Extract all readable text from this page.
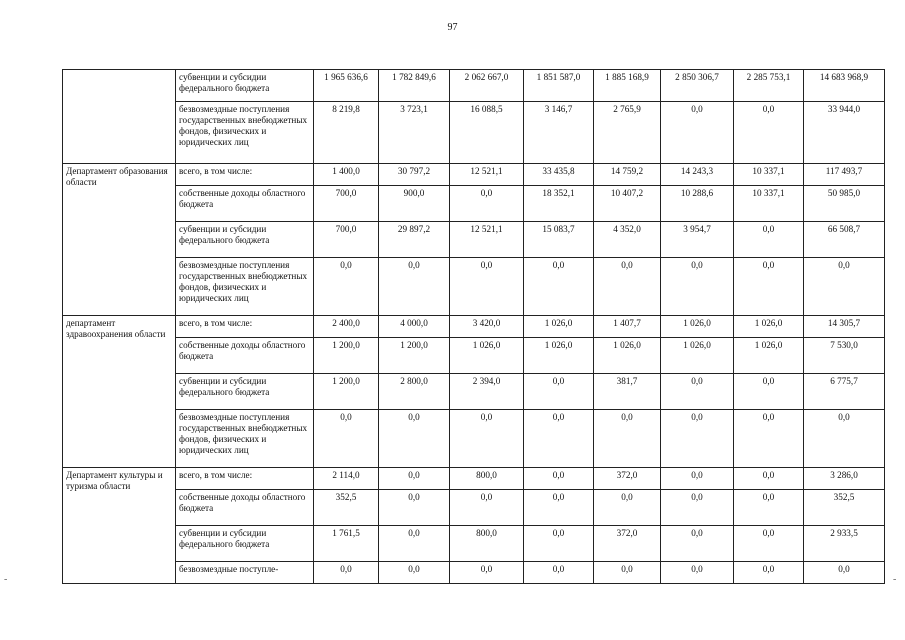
97
-	-
	субвенции и субсидии федерального бюджета	1 965 636,6	1 782 849,6	2 062 667,0	1 851 587,0	1 885 168,9	2 850 306,7	2 285 753,1	14 683 968,9
	безвозмездные поступления государственных внебюджетных фондов, физических и юридических лиц	8 219,8	3 723,1	16 088,5	3 146,7	2 765,9	0,0	0,0	33 944,0
Департамент образования области	всего, в том числе:	1 400,0	30 797,2	12 521,1	33 435,8	14 759,2	14 243,3	10 337,1	117 493,7
	собственные доходы областного бюджета	700,0	900,0	0,0	18 352,1	10 407,2	10 288,6	10 337,1	50 985,0
	субвенции и субсидии федерального бюджета	700,0	29 897,2	12 521,1	15 083,7	4 352,0	3 954,7	0,0	66 508,7
	безвозмездные поступления государственных внебюджетных фондов, физических и юридических лиц	0,0	0,0	0,0	0,0	0,0	0,0	0,0	0,0
департамент здравоохранения области	всего, в том числе:	2 400,0	4 000,0	3 420,0	1 026,0	1 407,7	1 026,0	1 026,0	14 305,7
	собственные доходы областного бюджета	1 200,0	1 200,0	1 026,0	1 026,0	1 026,0	1 026,0	1 026,0	7 530,0
	субвенции и субсидии федерального бюджета	1 200,0	2 800,0	2 394,0	0,0	381,7	0,0	0,0	6 775,7
	безвозмездные поступления государственных внебюджетных фондов, физических и юридических лиц	0,0	0,0	0,0	0,0	0,0	0,0	0,0	0,0
Департамент культуры и туризма области	всего, в том числе:	2 114,0	0,0	800,0	0,0	372,0	0,0	0,0	3 286,0
	собственные доходы областного бюджета	352,5	0,0	0,0	0,0	0,0	0,0	0,0	352,5
	субвенции и субсидии федерального бюджета	1 761,5	0,0	800,0	0,0	372,0	0,0	0,0	2 933,5
	безвозмездные поступле-	0,0	0,0	0,0	0,0	0,0	0,0	0,0	0,0
